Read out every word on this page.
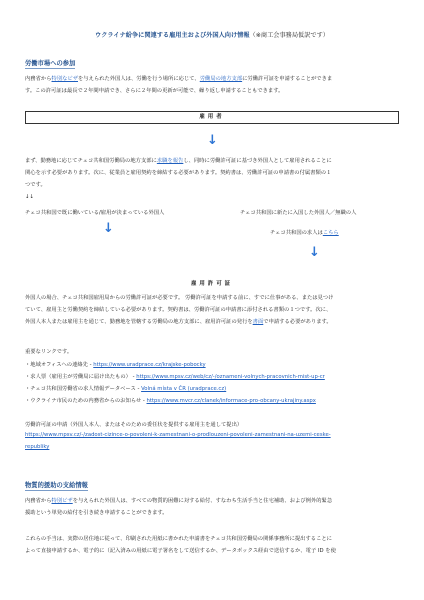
ウクライナ紛争に関連する雇用主および外国人向け情報（※商工会事務局仮訳です）
労働市場への参加

内務省から特別なビザを与えられた外国人は、労働を行う場所に応じて、労働局の地方支部に労働許可証を申請することができま

す。この許可証は最長で２年間申請でき、さらに２年間の更新が可能で、繰り返し申請することもできます。

雇用者
↓

まず、勤務地に応じてチェコ共和国労働局の地方支部に求職を報告し、同時に労働許可証に基づき外国人として雇用されることに

関心を示す必要があります。次に、従業員と雇用契約を締結する必要があります。契約書は、労働許可証の申請書の付属書類の１

つです。

↓↓

チェコ共和国で既に働いている/雇用が決まっている外国人	チェコ共和国に新たに入国した外国人／無職の人
↓	チェコ共和国の求人はこちら
↓
雇用許可証

外国人の場合、チェコ共和国雇用局からの労働許可証が必要です。 労働許可証を申請する前に、すでに仕事がある、または見つけ

ていて、雇用主と労働契約を締結している必要があります。契約書は、労働許可証の申請書に添付される書類の１つです。次に、

外国人本人または雇用主を通じて、勤務地を管轄する労働局の地方支部に、雇用許可証の発行を書面で申請する必要があります。

重要なリンクです。
・地域オフィスへの連絡先 - https://www.uradprace.cz/krajske-pobocky
・求人票（雇用主が労働局に届け出たもの） - https://www.mpsv.cz/web/cz/-/oznameni-volnych-pracovnich-mist-up-cr
・チェコ共和国労働省の求人情報データベース - Volná místa v ČR (uradprace.cz)
・ウクライナ市民のための内務省からのお知らせ - https://www.mvcr.cz/clanek/informace-pro-obcany-ukrajiny.aspx
労働許可証の申請（外国人本人、またはそのための委任状を提供する雇用主を通して提出）
https://www.mpsv.cz/-/zadost-cizince-o-povoleni-k-zamestnani-o-prodlouzeni-povoleni-zamestnani-na-uzemi-ceske-
republiky
物質的援助の支給情報

内務省から特別ビザを与えられた外国人は、すべての物質的困難に対する給付、すなわち生活手当と住宅補助、および例外的緊急

援助という単発の給付を引き続き申請することができます。

これらの手当は、実際の居住地に従って、印刷された用紙に書かれた申請書をチェコ共和国労働局の関係事務所に提出することに

よって直接申請するか、電子的に（記入済みの用紙に電子署名をして送信するか、データボックス経由で送信するか、電子 ID を使
